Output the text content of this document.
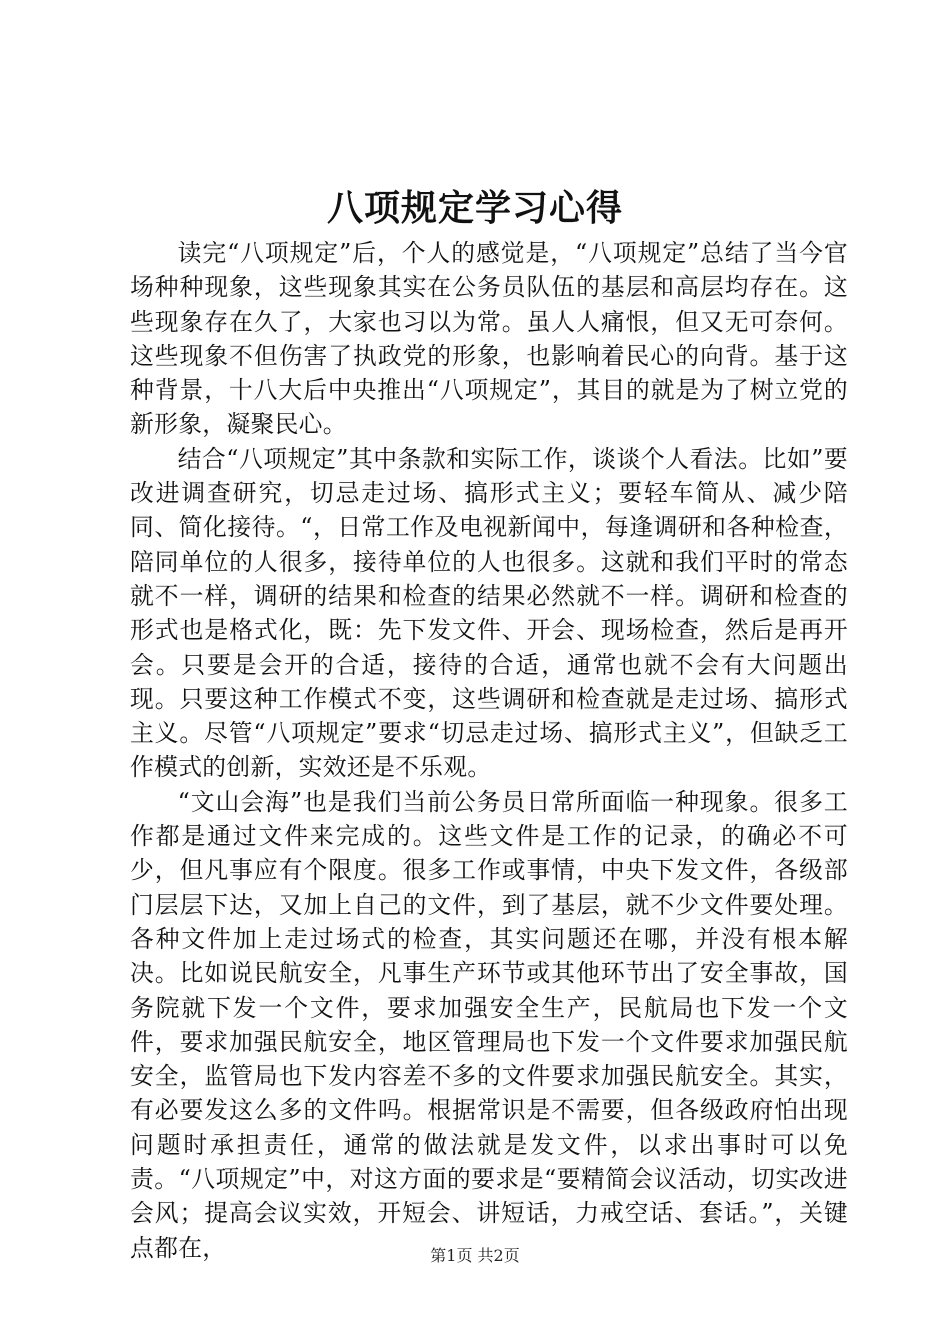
八项规定学习心得

读完“八项规定”后，个人的感觉是，“八项规定”总结了当今官场种种现象，这些现象其实在公务员队伍的基层和高层均存在。这些现象存在久了，大家也习以为常。虽人人痛恨，但又无可奈何。这些现象不但伤害了执政党的形象，也影响着民心的向背。基于这种背景，十八大后中央推出“八项规定”，其目的就是为了树立党的新形象，凝聚民心。

结合“八项规定”其中条款和实际工作，谈谈个人看法。比如”要改进调查研究，切忌走过场、搞形式主义；要轻车简从、减少陪同、简化接待。“，日常工作及电视新闻中，每逢调研和各种检查，陪同单位的人很多，接待单位的人也很多。这就和我们平时的常态就不一样，调研的结果和检查的结果必然就不一样。调研和检查的形式也是格式化，既：先下发文件、开会、现场检查，然后是再开会。只要是会开的合适，接待的合适，通常也就不会有大问题出现。只要这种工作模式不变，这些调研和检查就是走过场、搞形式主义。尽管“八项规定”要求“切忌走过场、搞形式主义”，但缺乏工作模式的创新，实效还是不乐观。

“文山会海”也是我们当前公务员日常所面临一种现象。很多工作都是通过文件来完成的。这些文件是工作的记录，的确必不可少，但凡事应有个限度。很多工作或事情，中央下发文件，各级部门层层下达，又加上自己的文件，到了基层，就不少文件要处理。各种文件加上走过场式的检查，其实问题还在哪，并没有根本解决。比如说民航安全，凡事生产环节或其他环节出了安全事故，国务院就下发一个文件，要求加强安全生产，民航局也下发一个文件，要求加强民航安全，地区管理局也下发一个文件要求加强民航安全，监管局也下发内容差不多的文件要求加强民航安全。其实，有必要发这么多的文件吗。根据常识是不需要，但各级政府怕出现问题时承担责任，通常的做法就是发文件，以求出事时可以免责。“八项规定”中，对这方面的要求是“要精简会议活动，切实改进会风；提高会议实效，开短会、讲短话，力戒空话、套话。”，关键点都在，	第1页 共2页
